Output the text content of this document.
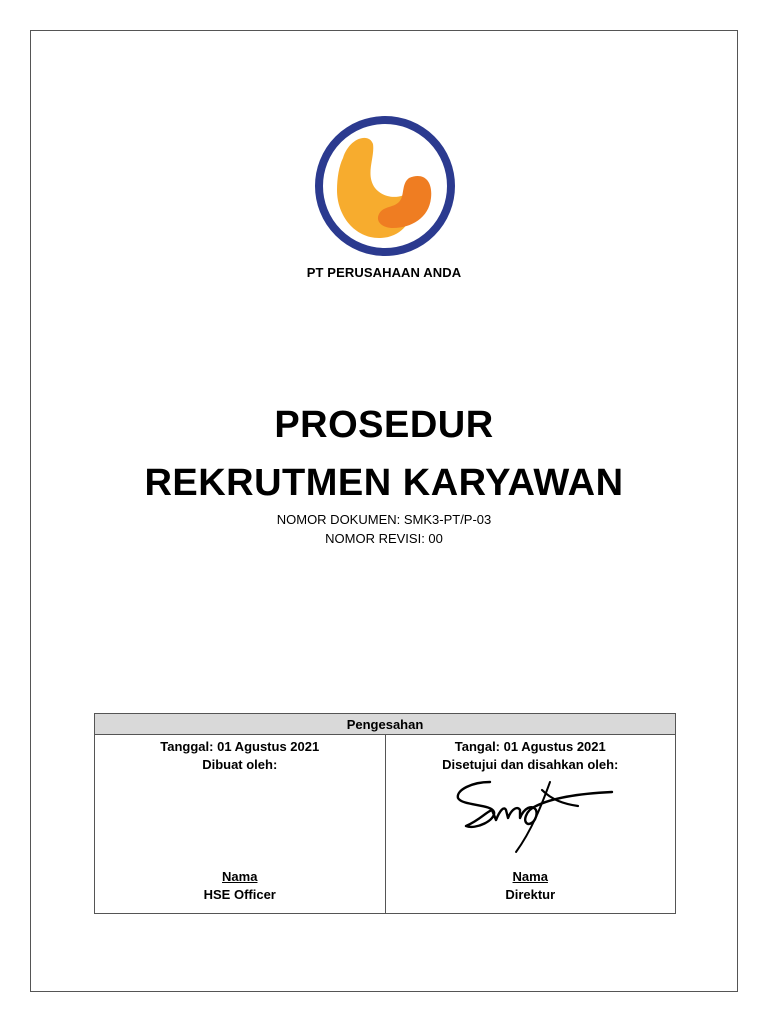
PT PERUSAHAAN ANDA
PROSEDUR
REKRUTMEN KARYAWAN
NOMOR DOKUMEN: SMK3-PT/P-03
NOMOR REVISI: 00
Pengesahan

Tanggal: 01 Agustus 2021
Dibuat oleh:
Nama
HSE Officer

Tangal: 01 Agustus 2021
Disetujui dan disahkan oleh:
Nama
Direktur
